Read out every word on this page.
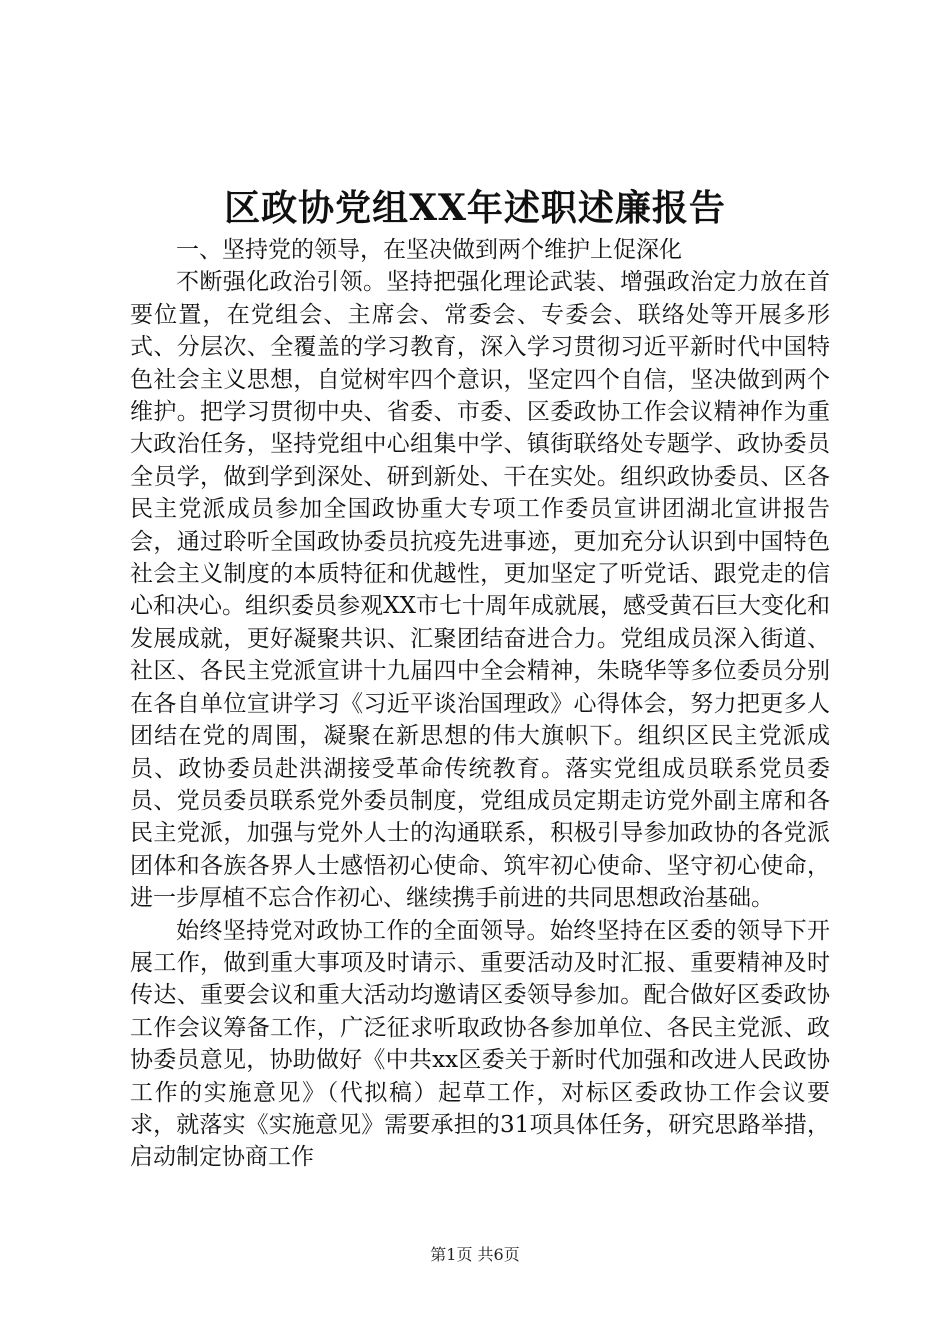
区政协党组XX年述职述廉报告

一、坚持党的领导，在坚决做到两个维护上促深化

不断强化政治引领。坚持把强化理论武装、增强政治定力放在首要位置，在党组会、主席会、常委会、专委会、联络处等开展多形式、分层次、全覆盖的学习教育，深入学习贯彻习近平新时代中国特色社会主义思想，自觉树牢四个意识，坚定四个自信，坚决做到两个维护。把学习贯彻中央、省委、市委、区委政协工作会议精神作为重大政治任务，坚持党组中心组集中学、镇街联络处专题学、政协委员全员学，做到学到深处、研到新处、干在实处。组织政协委员、区各民主党派成员参加全国政协重大专项工作委员宣讲团湖北宣讲报告会，通过聆听全国政协委员抗疫先进事迹，更加充分认识到中国特色社会主义制度的本质特征和优越性，更加坚定了听党话、跟党走的信心和决心。组织委员参观XX市七十周年成就展，感受黄石巨大变化和发展成就，更好凝聚共识、汇聚团结奋进合力。党组成员深入街道、社区、各民主党派宣讲十九届四中全会精神，朱晓华等多位委员分别在各自单位宣讲学习《习近平谈治国理政》心得体会，努力把更多人团结在党的周围，凝聚在新思想的伟大旗帜下。组织区民主党派成员、政协委员赴洪湖接受革命传统教育。落实党组成员联系党员委员、党员委员联系党外委员制度，党组成员定期走访党外副主席和各民主党派，加强与党外人士的沟通联系，积极引导参加政协的各党派团体和各族各界人士感悟初心使命、筑牢初心使命、坚守初心使命，进一步厚植不忘合作初心、继续携手前进的共同思想政治基础。

始终坚持党对政协工作的全面领导。始终坚持在区委的领导下开展工作，做到重大事项及时请示、重要活动及时汇报、重要精神及时传达、重要会议和重大活动均邀请区委领导参加。配合做好区委政协工作会议筹备工作，广泛征求听取政协各参加单位、各民主党派、政协委员意见，协助做好《中共xx区委关于新时代加强和改进人民政协工作的实施意见》（代拟稿）起草工作，对标区委政协工作会议要求，就落实《实施意见》需要承担的31项具体任务，研究思路举措，启动制定协商工作

第1页 共6页
